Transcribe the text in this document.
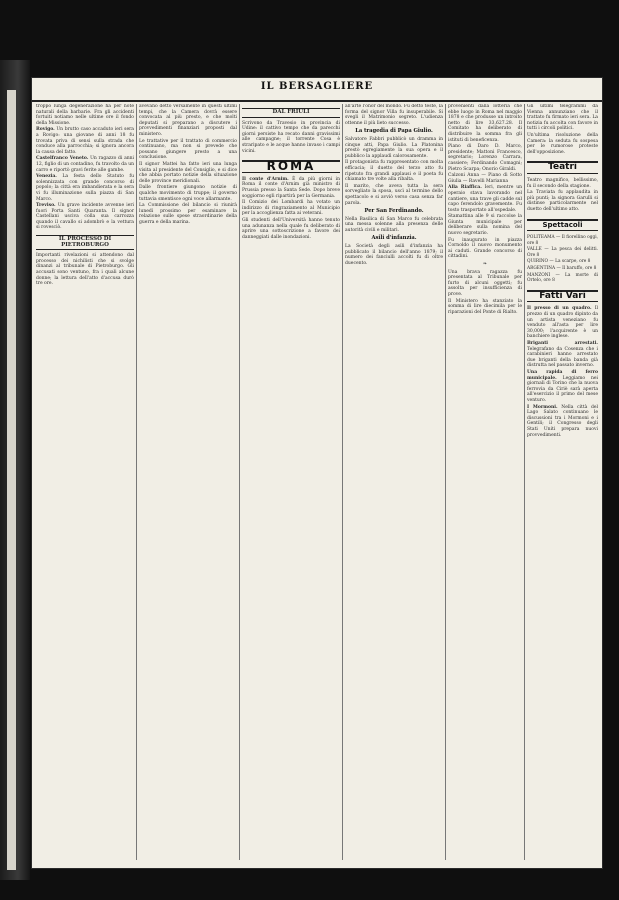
IL BERSAGLIERE

troppo lunga degenerazione ha per note naturali della barbarie. Fra gli accidenti fortuiti notiamo nelle ultime ore il fondo della Missione.

Rovigo. Un brutto caso accaduto ieri sera a Rovigo: una giovane di anni 18 fu trovata priva di sensi sulla strada che conduce alla parrocchia; si ignora ancora la causa del fatto.

Castelfranco Veneto. Un ragazzo di anni 12, figlio di un contadino, fu travolto da un carro e riportò gravi ferite alle gambe.

Venezia. La festa dello Statuto fu solennizzata con grande concorso di popolo; la città era imbandierata e la sera vi fu illuminazione sulla piazza di San Marco.

Treviso. Un grave incidente avvenne ieri fuori Porta Santi Quaranta. Il signor Castellani usciva colla sua carrozza quando il cavallo si adombrò e la vettura si rovesciò.

IL PROCESSO DI PIETROBURGO

Importanti rivelazioni si attendono dal processo dei nichilisti che si svolge dinanzi al tribunale di Pietroburgo. Gli accusati sono ventuno, fra i quali alcune donne; la lettura dell'atto d'accusa durò tre ore.

avevano detto versamente in questi ultimi tempi, che la Camera dovrà essere convocata al più presto, e che molti deputati si preparano a discutere i provvedimenti finanziari proposti dal ministero.

Le trattative per il trattato di commercio continuano, ma non si prevede che possano giungere presto a una conclusione.

Il signor Mattei ha fatto ieri una lunga visita al presidente del Consiglio, e si dice che abbia portato notizie della situazione delle province meridionali.

Dalle frontiere giungono notizie di qualche movimento di truppe; il governo tuttavia smentisce ogni voce allarmante.

La Commissione del bilancio si riunirà lunedì prossimo per esaminare la relazione sulle spese straordinarie della guerra e della marina.

DAL FRIULI

Scrivono da Travesio in provincia di Udine: il cattivo tempo che da parecchi giorni persiste ha recato danni gravissimi alle campagne; il torrente Cosa è straripato e le acque hanno invaso i campi vicini.

ROMA

Il conte d'Arnim. È da più giorni in Roma il conte d'Arnim già ministro di Prussia presso la Santa Sede. Dopo breve soggiorno egli ripartirà per la Germania.

Il Comizio dei Lombardi ha votato un indirizzo di ringraziamento al Municipio per la accoglienza fatta ai veterani.

Gli studenti dell'Università hanno tenuto una adunanza nella quale fu deliberato di aprire una sottoscrizione a favore dei danneggiati dalle inondazioni.

all'arte l'onor del mondo. Fu detto testé, la forma del signor Villa fu insuperabile. Si svegli il Matrimonio segreto. L'udienza ottenne il più lieto successo.

La tragedia di Papa Giulio.

Salvatore Fabbri pubblicò un dramma in cinque atti, Papa Giulio. La Platonina prestò egregiamente la sua opera e il pubblico la applaudì calorosamente.

Il protagonista fu rappresentato con molta efficacia; il duetto del terzo atto fu ripetuto fra grandi applausi e il poeta fu chiamato tre volte alla ribalta.

Il marito, che aveva tutta la sera sorvegliato la sposa, uscì al termine dello spettacolo e si avviò verso casa senza far parola.

Per San Ferdinando.

Nella Basilica di San Marco fu celebrata una messa solenne alla presenza delle autorità civili e militari.

Asili d'infanzia.

La Società degli asili d'infanzia ha pubblicato il bilancio dell'anno 1879; il numero dei fanciulli accolti fu di oltre duecento.

provenienti dalla lotteria che ebbe luogo in Roma nel maggio 1878 e che produsse un introito netto di lire 33,627.28. Il Comitato ha deliberato di distribuire la somma fra gli istituti di beneficenza.

Piano di Daro D. Marco, presidente; Mattoni Francesco, segretario; Lorenzo Carrara, cassiere; Ferdinando Comagni; Pietro Scarpa; Onorio Giraldi.

Calzoni Anna — Piano di Sotto Giulia — Ravelli Marianna

Alla Riaffica. Ieri, mentre un operaio stava lavorando nel cantiere, una trave gli cadde sul capo ferendolo gravemente. Fu tosto trasportato all'ospedale.

Stamattina alle 9 si raccolse la Giunta municipale per deliberare sulla nomina del nuovo segretario.

Fu inaugurato in piazza Cornoldo il nuovo monumento ai caduti. Grande concorso di cittadini.

❧

Una brava ragazza fu presentata al Tribunale per furto di alcuni oggetti; fu assolta per insufficienza di prove.

Il Ministero ha stanziato la somma di lire diecimila per le riparazioni del Ponte di Rialto.

Gli ultimi telegrammi da Vienna annunziano che il trattato fu firmato ieri sera. La notizia fu accolta con favore in tutti i circoli politici.

Un'ultima risoluzione della Camera: la seduta fu sospesa per le rumorose proteste dell'opposizione.

Teatri

Teatro magnifico, bellissimo, fu il secondo della stagione.

La Traviata fu applaudita in più punti; la signora Garulli si distinse particolarmente nel duetto dell'ultimo atto.

Spettacoli

POLITEAMA — Il fiorellino oggi, ore 8

VALLE — La pesca dei delitti. Ore 8

QUIRINO — La scarpe, ore 8

ARGENTINA — Il baruffo, ore 8

MANZONI — La morte di Ortelo, ore 8

Fatti Vari

Il presso di un quadro. Il prezzo di un quadro dipinto da un artista veneziano fu venduto all'asta per lire 30,000; l'acquirente è un banchiere inglese.

Briganti arrestati. Telegrafano da Cosenza che i carabinieri hanno arrestato due briganti della banda già distrutta nel passato inverno.

Una rapida di ferro municipale. Leggiamo nei giornali di Torino che la nuova ferrovia da Ciriè sarà aperta all'esercizio il primo del mese venturo.

I Mormoni. Nella città del Lago Salato continuano le discussioni tra i Mormoni e i Gentili; il Congresso degli Stati Uniti prepara nuovi provvedimenti.
